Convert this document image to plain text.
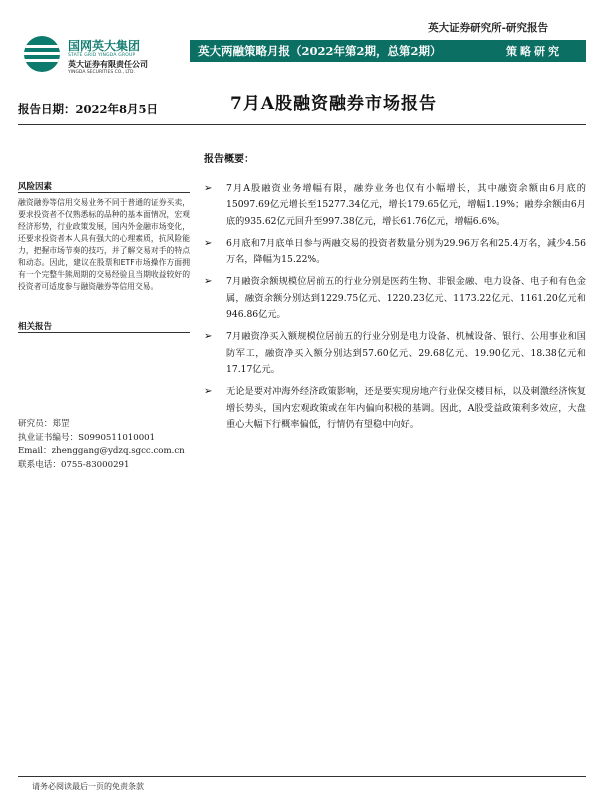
英大证券研究所-研究报告
国网英大集团
STATE GRID YINGDA GROUP
英大证券有限责任公司
YINGDA SECURITIES CO., LTD.
英大两融策略月报（2022年第2期，总第2期）	策略研究
报告日期：2022年8月5日	7月A股融资融券市场报告
风险因素
融资融券等信用交易业务不同于普通的证券买卖，要求投资者不仅熟悉标的品种的基本面情况，宏观经济形势，行业政策发展，国内外金融市场变化，还要求投资者本人具有强大的心理素质，抗风险能力，把握市场节奏的技巧，并了解交易对手的特点和动态。因此，建议在股票和ETF市场操作方面拥有一个完整牛熊周期的交易经验且当期收益较好的投资者可适度参与融资融券等信用交易。
相关报告
研究员：郑罡
执业证书编号：S0990511010001
Email：zhenggang@ydzq.sgcc.com.cn
联系电话：0755-83000291
报告概要：
➢ 7月A股融资业务增幅有限，融券业务也仅有小幅增长，其中融资余额由6月底的15097.69亿元增长至15277.34亿元，增长179.65亿元，增幅1.19%；融券余额由6月底的935.62亿元回升至997.38亿元，增长61.76亿元，增幅6.6%。
➢ 6月底和7月底单日参与两融交易的投资者数量分别为29.96万名和25.4万名，减少4.56万名，降幅为15.22%。
➢ 7月融资余额规模位居前五的行业分别是医药生物、非银金融、电力设备、电子和有色金属，融资余额分别达到1229.75亿元、1220.23亿元、1173.22亿元、1161.20亿元和946.86亿元。
➢ 7月融资净买入额规模位居前五的行业分别是电力设备、机械设备、银行、公用事业和国防军工，融资净买入额分别达到57.60亿元、29.68亿元、19.90亿元、18.38亿元和17.17亿元。
➢ 无论是要对冲海外经济政策影响，还是要实现房地产行业保交楼目标，以及刺激经济恢复增长势头，国内宏观政策或在年内偏向积极的基调。因此，A股受益政策利多效应，大盘重心大幅下行概率偏低，行情仍有望稳中向好。
请务必阅读最后一页的免责条款
